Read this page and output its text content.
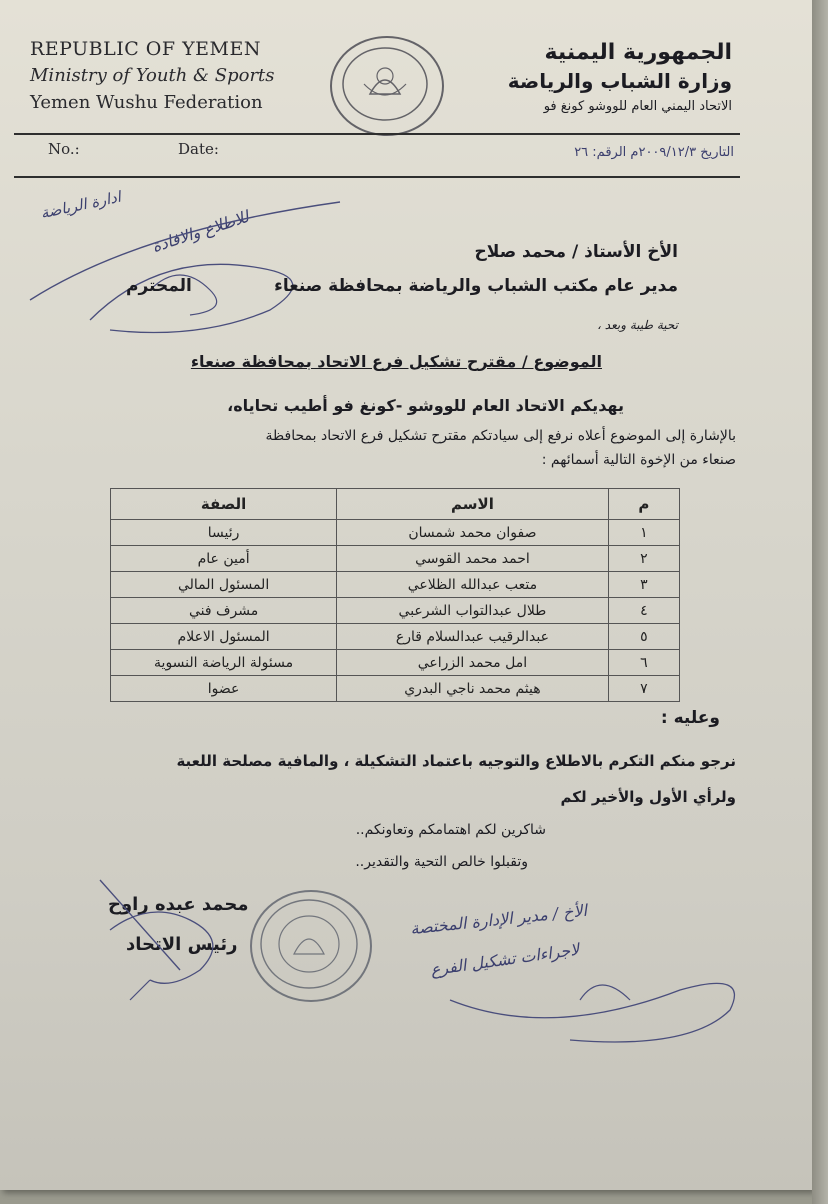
REPUBLIC OF YEMEN
Ministry of Youth & Sports
Yemen Wushu Federation
الجمهورية اليمنية
وزارة الشباب والرياضة
الاتحاد اليمني العام للووشو كونغ فو
No.:	Date:	التاريخ ٢٠٠٩/١٢/٣م الرقم: ٢٦
ادارة الرياضة
للاطلاع والافادة	الأخ الأستاذ / محمد صلاح
مدير عام مكتب الشباب والرياضة بمحافظة صنعاء
المحترم
تحية طيبة وبعد ،
الموضوع / مقترح تشكيل فرع الاتحاد بمحافظة صنعاء
يهديكم الاتحاد العام للووشو -كونغ فو أطيب تحاياه،
بالإشارة إلى الموضوع أعلاه نرفع إلى سيادتكم مقترح تشكيل فرع الاتحاد بمحافظة
صنعاء من الإخوة التالية أسمائهم :
م	الاسم	الصفة
١	صفوان محمد شمسان	رئيسا
٢	احمد محمد القوسي	أمين عام
٣	متعب عبدالله الظلاعي	المسئول المالي
٤	طلال عبدالتواب الشرعبي	مشرف فني
٥	عبدالرقيب عبدالسلام قارع	المسئول الاعلام
٦	امل محمد الزراعي	مسئولة الرياضة النسوية
٧	هيثم محمد ناجي البدري	عضوا
وعليه :
نرجو منكم التكرم بالاطلاع والتوجيه باعتماد التشكيلة ، والمافية مصلحة اللعبة
ولرأي الأول والأخير لكم
شاكرين لكم اهتمامكم وتعاونكم..
وتقبلوا خالص التحية والتقدير..
محمد عبده راوح
رئيس الاتحاد
الأخ / مدير الإدارة المختصة
لاجراءات تشكيل الفرع
